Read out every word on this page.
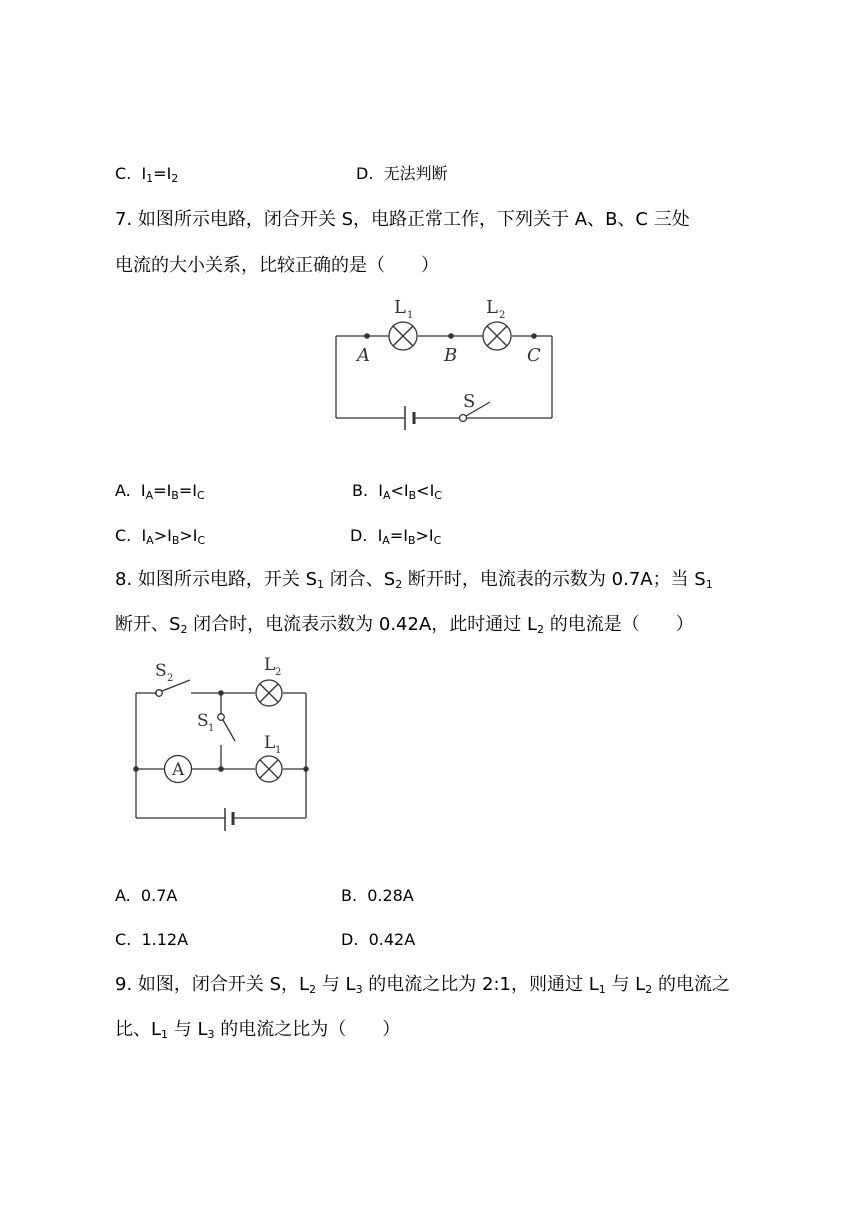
C. $I_1=I_2$	D. 无法判断
7. 如图所示电路，闭合开关 S，电路正常工作，下列关于 A、B、C 三处
电流的大小关系，比较正确的是（　　）
L 1	L 2
A	B	C
S
A. $I_A=I_B=I_C$	B. $I_A<I_B<I_C$
C. $I_A>I_B>I_C$	D. $I_A=I_B>I_C$
8. 如图所示电路，开关 $S_1$ 闭合、$S_2$ 断开时，电流表的示数为 0.7A；当 $S_1$
断开、$S_2$ 闭合时，电流表示数为 0.42A，此时通过 $L_2$ 的电流是（　　）
S 2
S 1
L 2
L 1
A
A. 0.7A	B. 0.28A
C. 1.12A	D. 0.42A
9. 如图，闭合开关 S，$L_2$ 与 $L_3$ 的电流之比为 2:1，则通过 $L_1$ 与 $L_2$ 的电流之
比、$L_1$ 与 $L_3$ 的电流之比为（　　）
